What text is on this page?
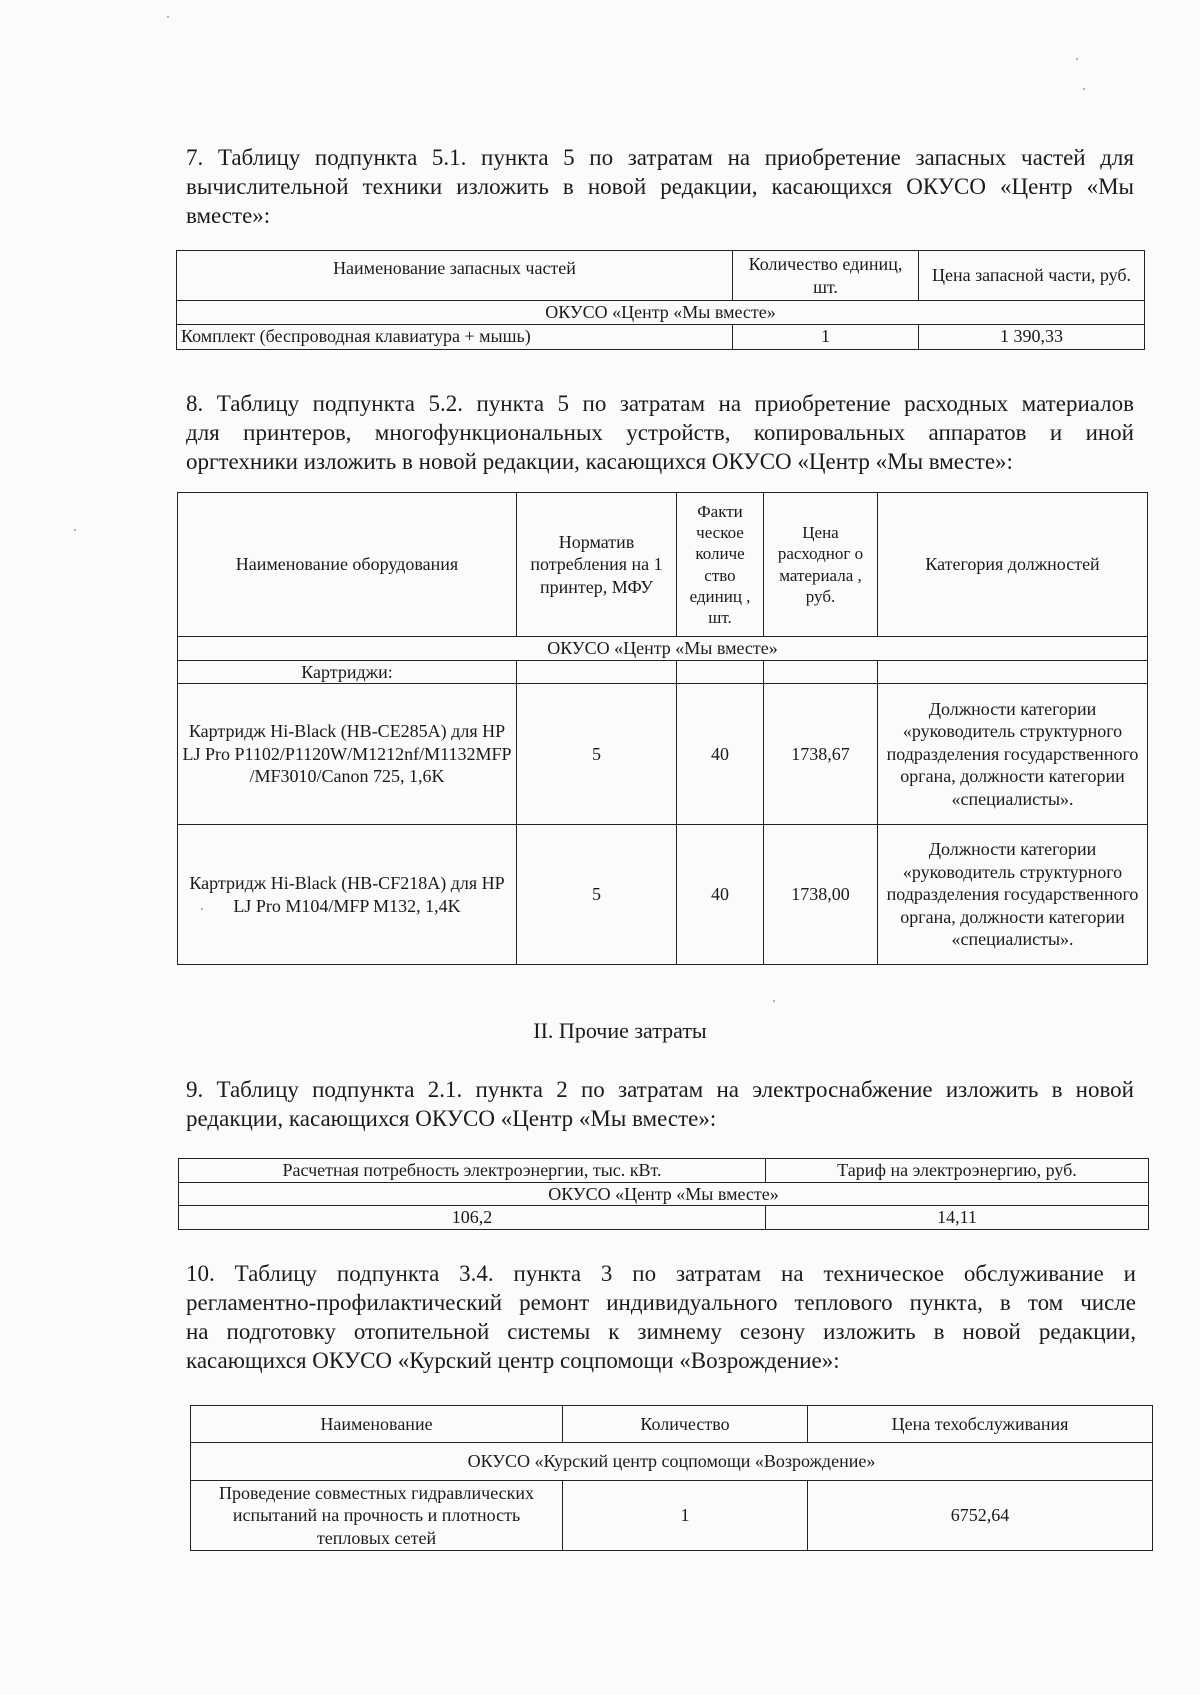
7. Таблицу подпункта 5.1. пункта 5 по затратам на приобретение запасных частей для
вычислительной техники изложить в новой редакции, касающихся ОКУСО «Центр «Мы
вместе»:
Наименование запасных частей	Количество единиц, шт.	Цена запасной части, руб.
ОКУСО «Центр «Мы вместе»		
Комплект (беспроводная клавиатура + мышь)	1	1 390,33
8. Таблицу подпункта 5.2. пункта 5 по затратам на приобретение расходных материалов
для принтеров, многофункциональных устройств, копировальных аппаратов и иной
оргтехники изложить в новой редакции, касающихся ОКУСО «Центр «Мы вместе»:
Наименование оборудования	Норматив потребления на 1 принтер, МФУ	Факти ческое количе ство единиц , шт.	Цена расходног о материала , руб.	Категория должностей
ОКУСО «Центр «Мы вместе»				
Картриджи:				
Картридж Hi-Black (HB-CE285A) для HP LJ Pro P1102/P1120W/M1212nf/M1132MFP /MF3010/Canon 725, 1,6K	5	40	1738,67	Должности категории «руководитель структурного подразделения государственного органа, должности категории «специалисты».
Картридж Hi-Black (HB-CF218A) для HP LJ Pro M104/MFP M132, 1,4K	5	40	1738,00	Должности категории «руководитель структурного подразделения государственного органа, должности категории «специалисты».
II. Прочие затраты
9. Таблицу подпункта 2.1. пункта 2 по затратам на электроснабжение изложить в новой
редакции, касающихся ОКУСО «Центр «Мы вместе»:
Расчетная потребность электроэнергии, тыс. кВт.	Тариф на электроэнергию, руб.
ОКУСО «Центр «Мы вместе»	
106,2	14,11
10. Таблицу подпункта 3.4. пункта 3 по затратам на техническое обслуживание и
регламентно-профилактический ремонт индивидуального теплового пункта, в том числе
на подготовку отопительной системы к зимнему сезону изложить в новой редакции,
касающихся ОКУСО «Курский центр соцпомощи «Возрождение»:
Наименование	Количество	Цена техобслуживания
ОКУСО «Курский центр соцпомощи «Возрождение»		
Проведение совместных гидравлических испытаний на прочность и плотность тепловых сетей	1	6752,64
